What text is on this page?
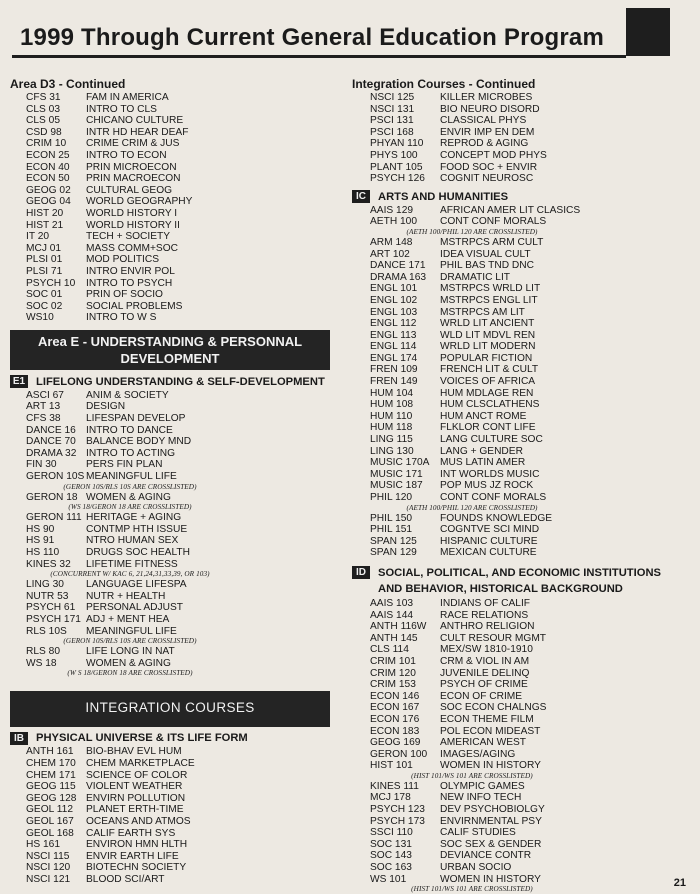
1999 Through Current General Education Program
Area D3 - Continued
CFS 31	FAM IN AMERICA
CLS 03	INTRO TO CLS
CLS 05	CHICANO CULTURE
CSD 98	INTR HD HEAR DEAF
CRIM 10	CRIME CRIM & JUS
ECON 25	INTRO TO ECON
ECON 40	PRIN MICROECON
ECON 50	PRIN MACROECON
GEOG 02	CULTURAL GEOG
GEOG 04	WORLD GEOGRAPHY
HIST 20	WORLD HISTORY I
HIST 21	WORLD HISTORY II
IT 20	TECH + SOCIETY
MCJ 01	MASS COMM+SOC
PLSI 01	MOD POLITICS
PLSI 71	INTRO ENVIR POL
PSYCH 10	INTRO TO PSYCH
SOC 01	PRIN OF SOCIO
SOC 02	SOCIAL PROBLEMS
WS10	INTRO TO W S
Area E - UNDERSTANDING & PERSONNAL
DEVELOPMENT
E1 LIFELONG UNDERSTANDING & SELF-DEVELOPMENT
ASCI 67	ANIM & SOCIETY
ART 13	DESIGN
CFS 38	LIFESPAN DEVELOP
DANCE 16 INTRO TO DANCE
DANCE 70 BALANCE BODY MND
DRAMA 32 INTRO TO ACTING
FIN 30	PERS FIN PLAN
GERON 10S MEANINGFUL LIFE
(GERON 10S/RLS 10S ARE CROSSLISTED)
GERON 18 WOMEN & AGING
(WS 18/GERON 18 ARE CROSSLISTED)
GERON 111 HERITAGE + AGING
HS 90	CONTMP HTH ISSUE
HS 91	NTRO HUMAN SEX
HS 110	DRUGS SOC HEALTH
KINES 32	LIFETIME FITNESS
(CONCURRENT W/ KAC 6, 21,24,31,33,39, OR 103)
LING 30	LANGUAGE LIFESPA
NUTR 53	NUTR + HEALTH
PSYCH 61	PERSONAL ADJUST
PSYCH 171 ADJ + MENT HEA
RLS 10S	MEANINGFUL LIFE
(GERON 10S/RLS 10S ARE CROSSLISTED)
RLS 80	LIFE LONG IN NAT
WS 18	WOMEN & AGING
(W S 18/GERON 18 ARE CROSSLISTED)
INTEGRATION COURSES
IB	PHYSICAL UNIVERSE & ITS LIFE FORM
ANTH 161	BIO-BHAV EVL HUM
CHEM 170 CHEM MARKETPLACE
CHEM 171 SCIENCE OF COLOR
GEOG 115	VIOLENT WEATHER
GEOG 128 ENVIRN POLLUTION
GEOL 112	PLANET ERTH-TIME
GEOL 167	OCEANS AND ATMOS
GEOL 168	CALIF EARTH SYS
HS 161	ENVIRON HMN HLTH
NSCI 115	ENVIR EARTH LIFE
NSCI 120	BIOTECHN SOCIETY
NSCI 121	BLOOD SCI/ART
Integration Courses - Continued
NSCI 125	KILLER MICROBES
NSCI 131	BIO NEURO DISORD
PSCI 131	CLASSICAL PHYS
PSCI 168	ENVIR IMP EN DEM
PHYAN 110	REPROD & AGING
PHYS 100	CONCEPT MOD PHYS
PLANT 105	FOOD SOC + ENVIR
PSYCH 126	COGNIT NEUROSC
IC	ARTS AND HUMANITIES
AAIS 129	AFRICAN AMER LIT CLASICS
AETH 100	CONT CONF MORALS
(AETH 100/PHIL 120 ARE CROSSLISTED)
ARM 148	MSTRPCS ARM CULT
ART 102	IDEA VISUAL CULT
DANCE 171	PHIL BAS TND DNC
DRAMA 163	DRAMATIC LIT
ENGL 101	MSTRPCS WRLD LIT
ENGL 102	MSTRPCS ENGL LIT
ENGL 103	MSTRPCS AM LIT
ENGL 112	WRLD LIT ANCIENT
ENGL 113	WLD LIT MDVL REN
ENGL 114	WRLD LIT MODERN
ENGL 174	POPULAR FICTION
FREN 109	FRENCH LIT & CULT
FREN 149	VOICES OF AFRICA
HUM 104	HUM MDLAGE REN
HUM 108	HUM CLSCLATHENS
HUM 110	HUM ANCT ROME
HUM 118	FLKLOR CONT LIFE
LING 115	LANG CULTURE SOC
LING 130	LANG + GENDER
MUSIC 170A	MUS LATIN AMER
MUSIC 171	INT WORLDS MUSIC
MUSIC 187	POP MUS JZ ROCK
PHIL 120	CONT CONF MORALS
(AETH 100/PHIL 120 ARE CROSSLISTED)
PHIL 150	FOUNDS KNOWLEDGE
PHIL 151	COGNTVE SCI MIND
SPAN 125	HISPANIC CULTURE
SPAN 129	MEXICAN CULTURE
ID	SOCIAL, POLITICAL, AND ECONOMIC INSTITUTIONS
AND BEHAVIOR, HISTORICAL BACKGROUND
AAIS 103	INDIANS OF CALIF
AAIS 144	RACE RELATIONS
ANTH 116W	ANTHRO RELIGION
ANTH 145	CULT RESOUR MGMT
CLS 114	MEX/SW 1810-1910
CRIM 101	CRM & VIOL IN AM
CRIM 120	JUVENILE DELINQ
CRIM 153	PSYCH OF CRIME
ECON 146	ECON OF CRIME
ECON 167	SOC ECON CHALNGS
ECON 176	ECON THEME FILM
ECON 183	POL ECON MIDEAST
GEOG 169	AMERICAN WEST
GERON 100	IMAGES/AGING
HIST 101	WOMEN IN HISTORY
(HIST 101/WS 101 ARE CROSSLISTED)
KINES 111	OLYMPIC GAMES
MCJ 178	NEW INFO TECH
PSYCH 123	DEV PSYCHOBIOLGY
PSYCH 173	ENVIRNMENTAL PSY
SSCI 110	CALIF STUDIES
SOC 131	SOC SEX & GENDER
SOC 143	DEVIANCE CONTR
SOC 163	URBAN SOCIO
WS 101	WOMEN IN HISTORY
(HIST 101/WS 101 ARE CROSSLISTED)
21
